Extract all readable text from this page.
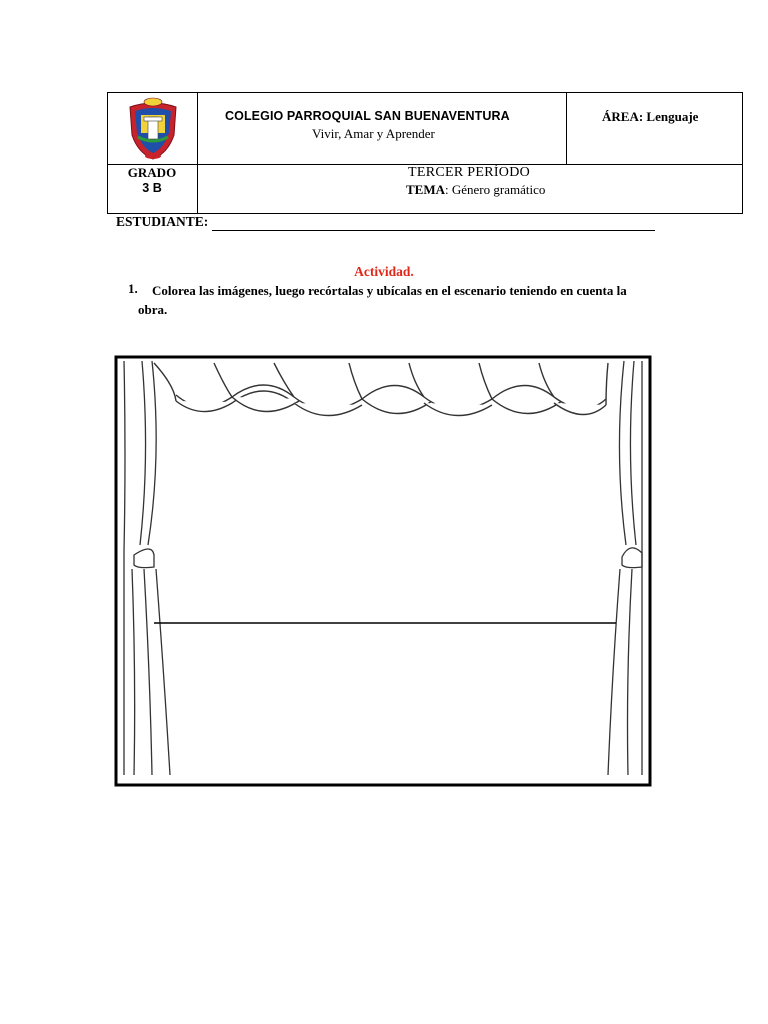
COLEGIO PARROQUIAL SAN BUENAVENTURA
Vivir, Amar y Aprender
ÁREA: Lenguaje
GRADO
3 B
TERCER PERÍODO
TEMA: Género gramático
ESTUDIANTE:
Actividad.
1. Colorea las imágenes, luego recórtalas y ubícalas en el escenario teniendo en cuenta la
obra.
